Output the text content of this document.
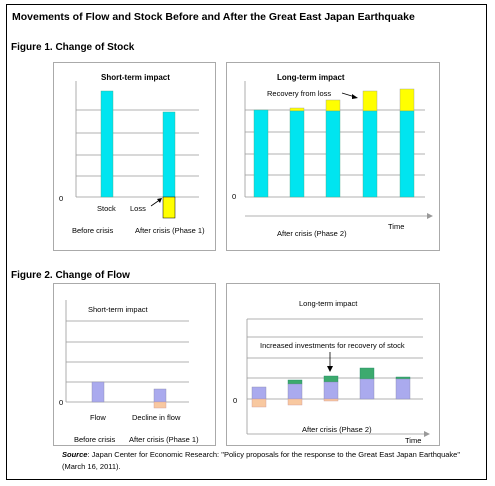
Movements of Flow and Stock Before and After the Great East Japan Earthquake
Figure 1. Change of Stock
Short-term impact
0
Stock Loss
Before crisis	After crisis (Phase 1)
Long-term impact
Recovery from loss
0
Time
After crisis (Phase 2)
Figure 2. Change of Flow
Short-term impact
0
Flow	Decline in flow
Before crisis After crisis (Phase 1)
Long-term impact
0
Increased investments for recovery of stock
After crisis (Phase 2)
Time
Source: Japan Center for Economic Research: "Policy proposals for the response to the Great East Japan Earthquake" (March 16, 2011).
